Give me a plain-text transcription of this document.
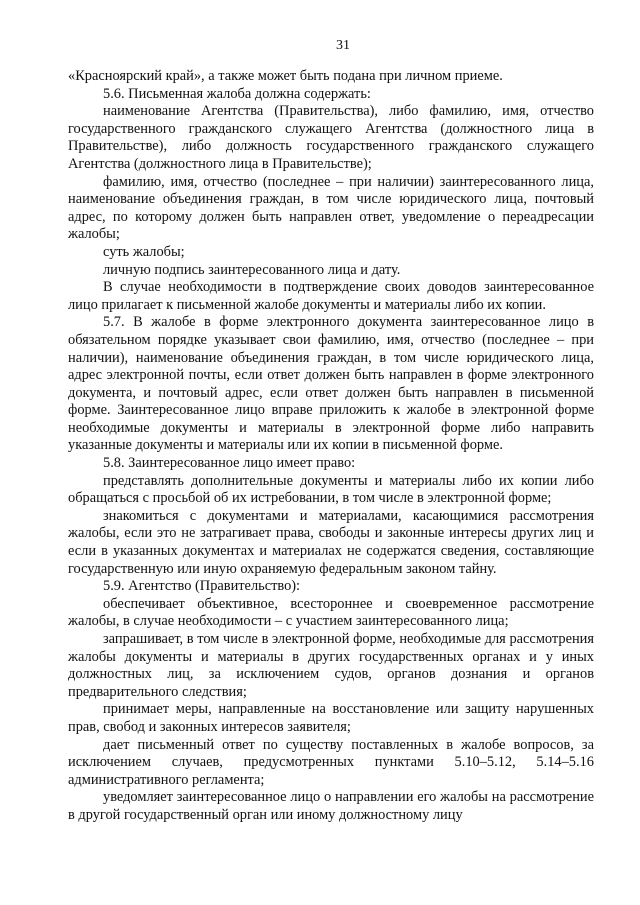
31

«Красноярский край», а также может быть подана при личном приеме.

5.6. Письменная жалоба должна содержать:

наименование Агентства (Правительства), либо фамилию, имя, отчество государственного гражданского служащего Агентства (должностного лица в Правительстве), либо должность государственного гражданского служащего Агентства (должностного лица в Правительстве);

фамилию, имя, отчество (последнее – при наличии) заинтересованного лица, наименование объединения граждан, в том числе юридического лица, почтовый адрес, по которому должен быть направлен ответ, уведомление о переадресации жалобы;

суть жалобы;

личную подпись заинтересованного лица и дату.

В случае необходимости в подтверждение своих доводов заинтересованное лицо прилагает к письменной жалобе документы и материалы либо их копии.

5.7. В жалобе в форме электронного документа заинтересованное лицо в обязательном порядке указывает свои фамилию, имя, отчество (последнее – при наличии), наименование объединения граждан, в том числе юридического лица, адрес электронной почты, если ответ должен быть направлен в форме электронного документа, и почтовый адрес, если ответ должен быть направлен в письменной форме. Заинтересованное лицо вправе приложить к жалобе в электронной форме необходимые документы и материалы в электронной форме либо направить указанные документы и материалы или их копии в письменной форме.

5.8. Заинтересованное лицо имеет право:

представлять дополнительные документы и материалы либо их копии либо обращаться с просьбой об их истребовании, в том числе в электронной форме;

знакомиться с документами и материалами, касающимися рассмотрения жалобы, если это не затрагивает права, свободы и законные интересы других лиц и если в указанных документах и материалах не содержатся сведения, составляющие государственную или иную охраняемую федеральным законом тайну.

5.9. Агентство (Правительство):

обеспечивает объективное, всестороннее и своевременное рассмотрение жалобы, в случае необходимости – с участием заинтересованного лица;

запрашивает, в том числе в электронной форме, необходимые для рассмотрения жалобы документы и материалы в других государственных органах и у иных должностных лиц, за исключением судов, органов дознания и органов предварительного следствия;

принимает меры, направленные на восстановление или защиту нарушенных прав, свобод и законных интересов заявителя;

дает письменный ответ по существу поставленных в жалобе вопросов, за исключением случаев, предусмотренных пунктами 5.10–5.12, 5.14–5.16 административного регламента;

уведомляет заинтересованное лицо о направлении его жалобы на рассмотрение в другой государственный орган или иному должностному лицу
